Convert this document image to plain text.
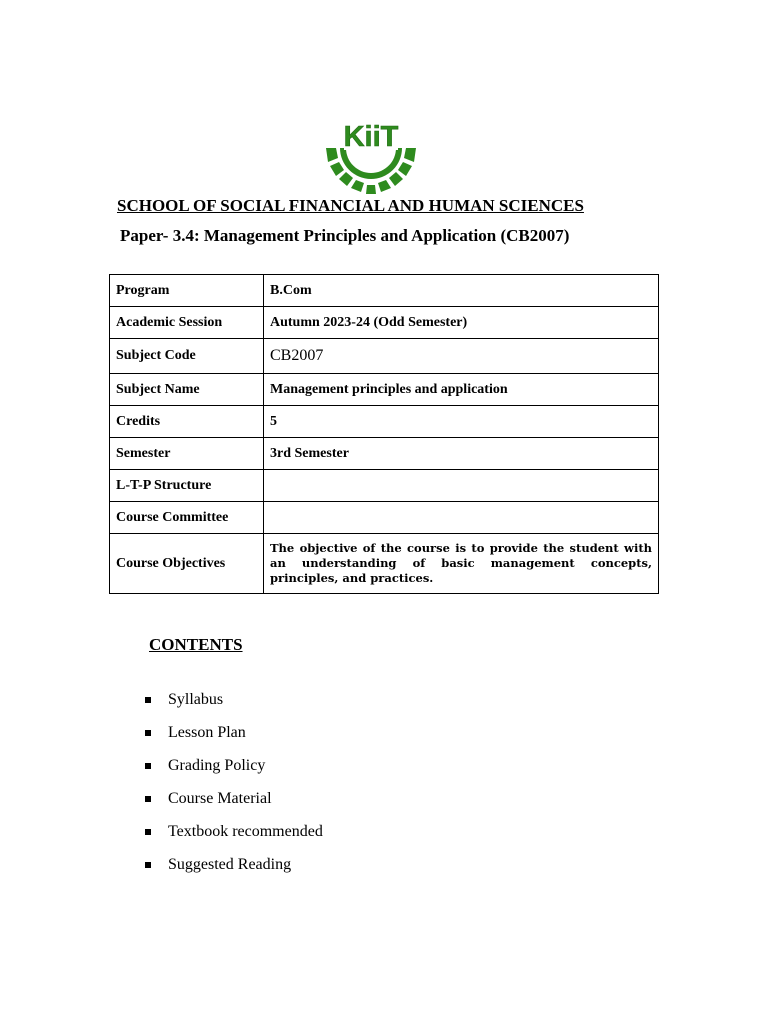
KiiT
SCHOOL OF SOCIAL FINANCIAL AND HUMAN SCIENCES
Paper- 3.4: Management Principles and Application (CB2007)
Program	B.Com
Academic Session	Autumn 2023-24 (Odd Semester)
Subject Code	CB2007
Subject Name	Management principles and application
Credits	5
Semester	3rd Semester
L-T-P Structure	
Course Committee	
Course Objectives	The objective of the course is to provide the student with an understanding of basic management concepts, principles, and practices.
CONTENTS
Syllabus
Lesson Plan
Grading Policy
Course Material
Textbook recommended
Suggested Reading
